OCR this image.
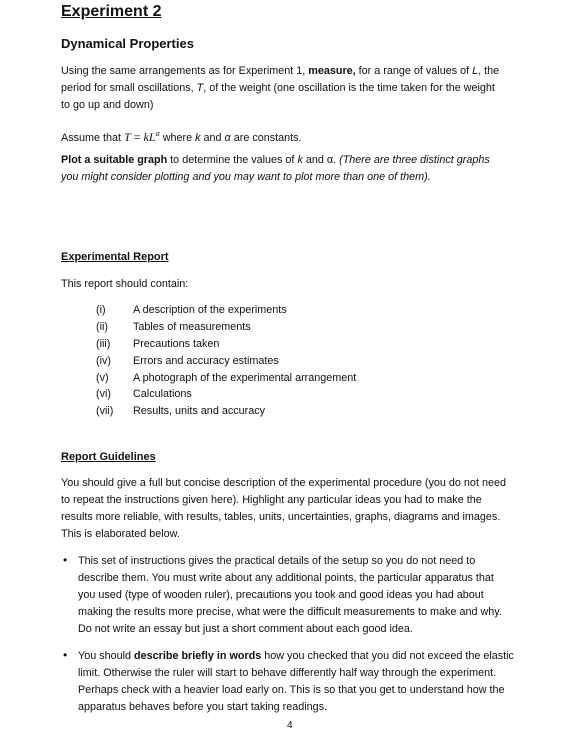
Experiment 2
Dynamical Properties
Using the same arrangements as for Experiment 1, measure, for a range of values of L, the
period for small oscillations, T, of the weight (one oscillation is the time taken for the weight
to go up and down)
Assume that $T = kL^\alpha$ where k and α are constants.
Plot a suitable graph to determine the values of k and α. (There are three distinct graphs
you might consider plotting and you may want to plot more than one of them).
Experimental Report
This report should contain:
(i)	A description of the experiments
(ii)	Tables of measurements
(iii)	Precautions taken
(iv)	Errors and accuracy estimates
(v)	A photograph of the experimental arrangement
(vi)	Calculations
(vii)	Results, units and accuracy
Report Guidelines
You should give a full but concise description of the experimental procedure (you do not need
to repeat the instructions given here). Highlight any particular ideas you had to make the
results more reliable, with results, tables, units, uncertainties, graphs, diagrams and images.
This is elaborated below.
• This set of instructions gives the practical details of the setup so you do not need to
describe them. You must write about any additional points, the particular apparatus that
you used (type of wooden ruler), precautions you took and good ideas you had about
making the results more precise, what were the difficult measurements to make and why.
Do not write an essay but just a short comment about each good idea.
• You should describe briefly in words how you checked that you did not exceed the elastic
limit. Otherwise the ruler will start to behave differently half way through the experiment.
Perhaps check with a heavier load early on. This is so that you get to understand how the
apparatus behaves before you start taking readings.
4
